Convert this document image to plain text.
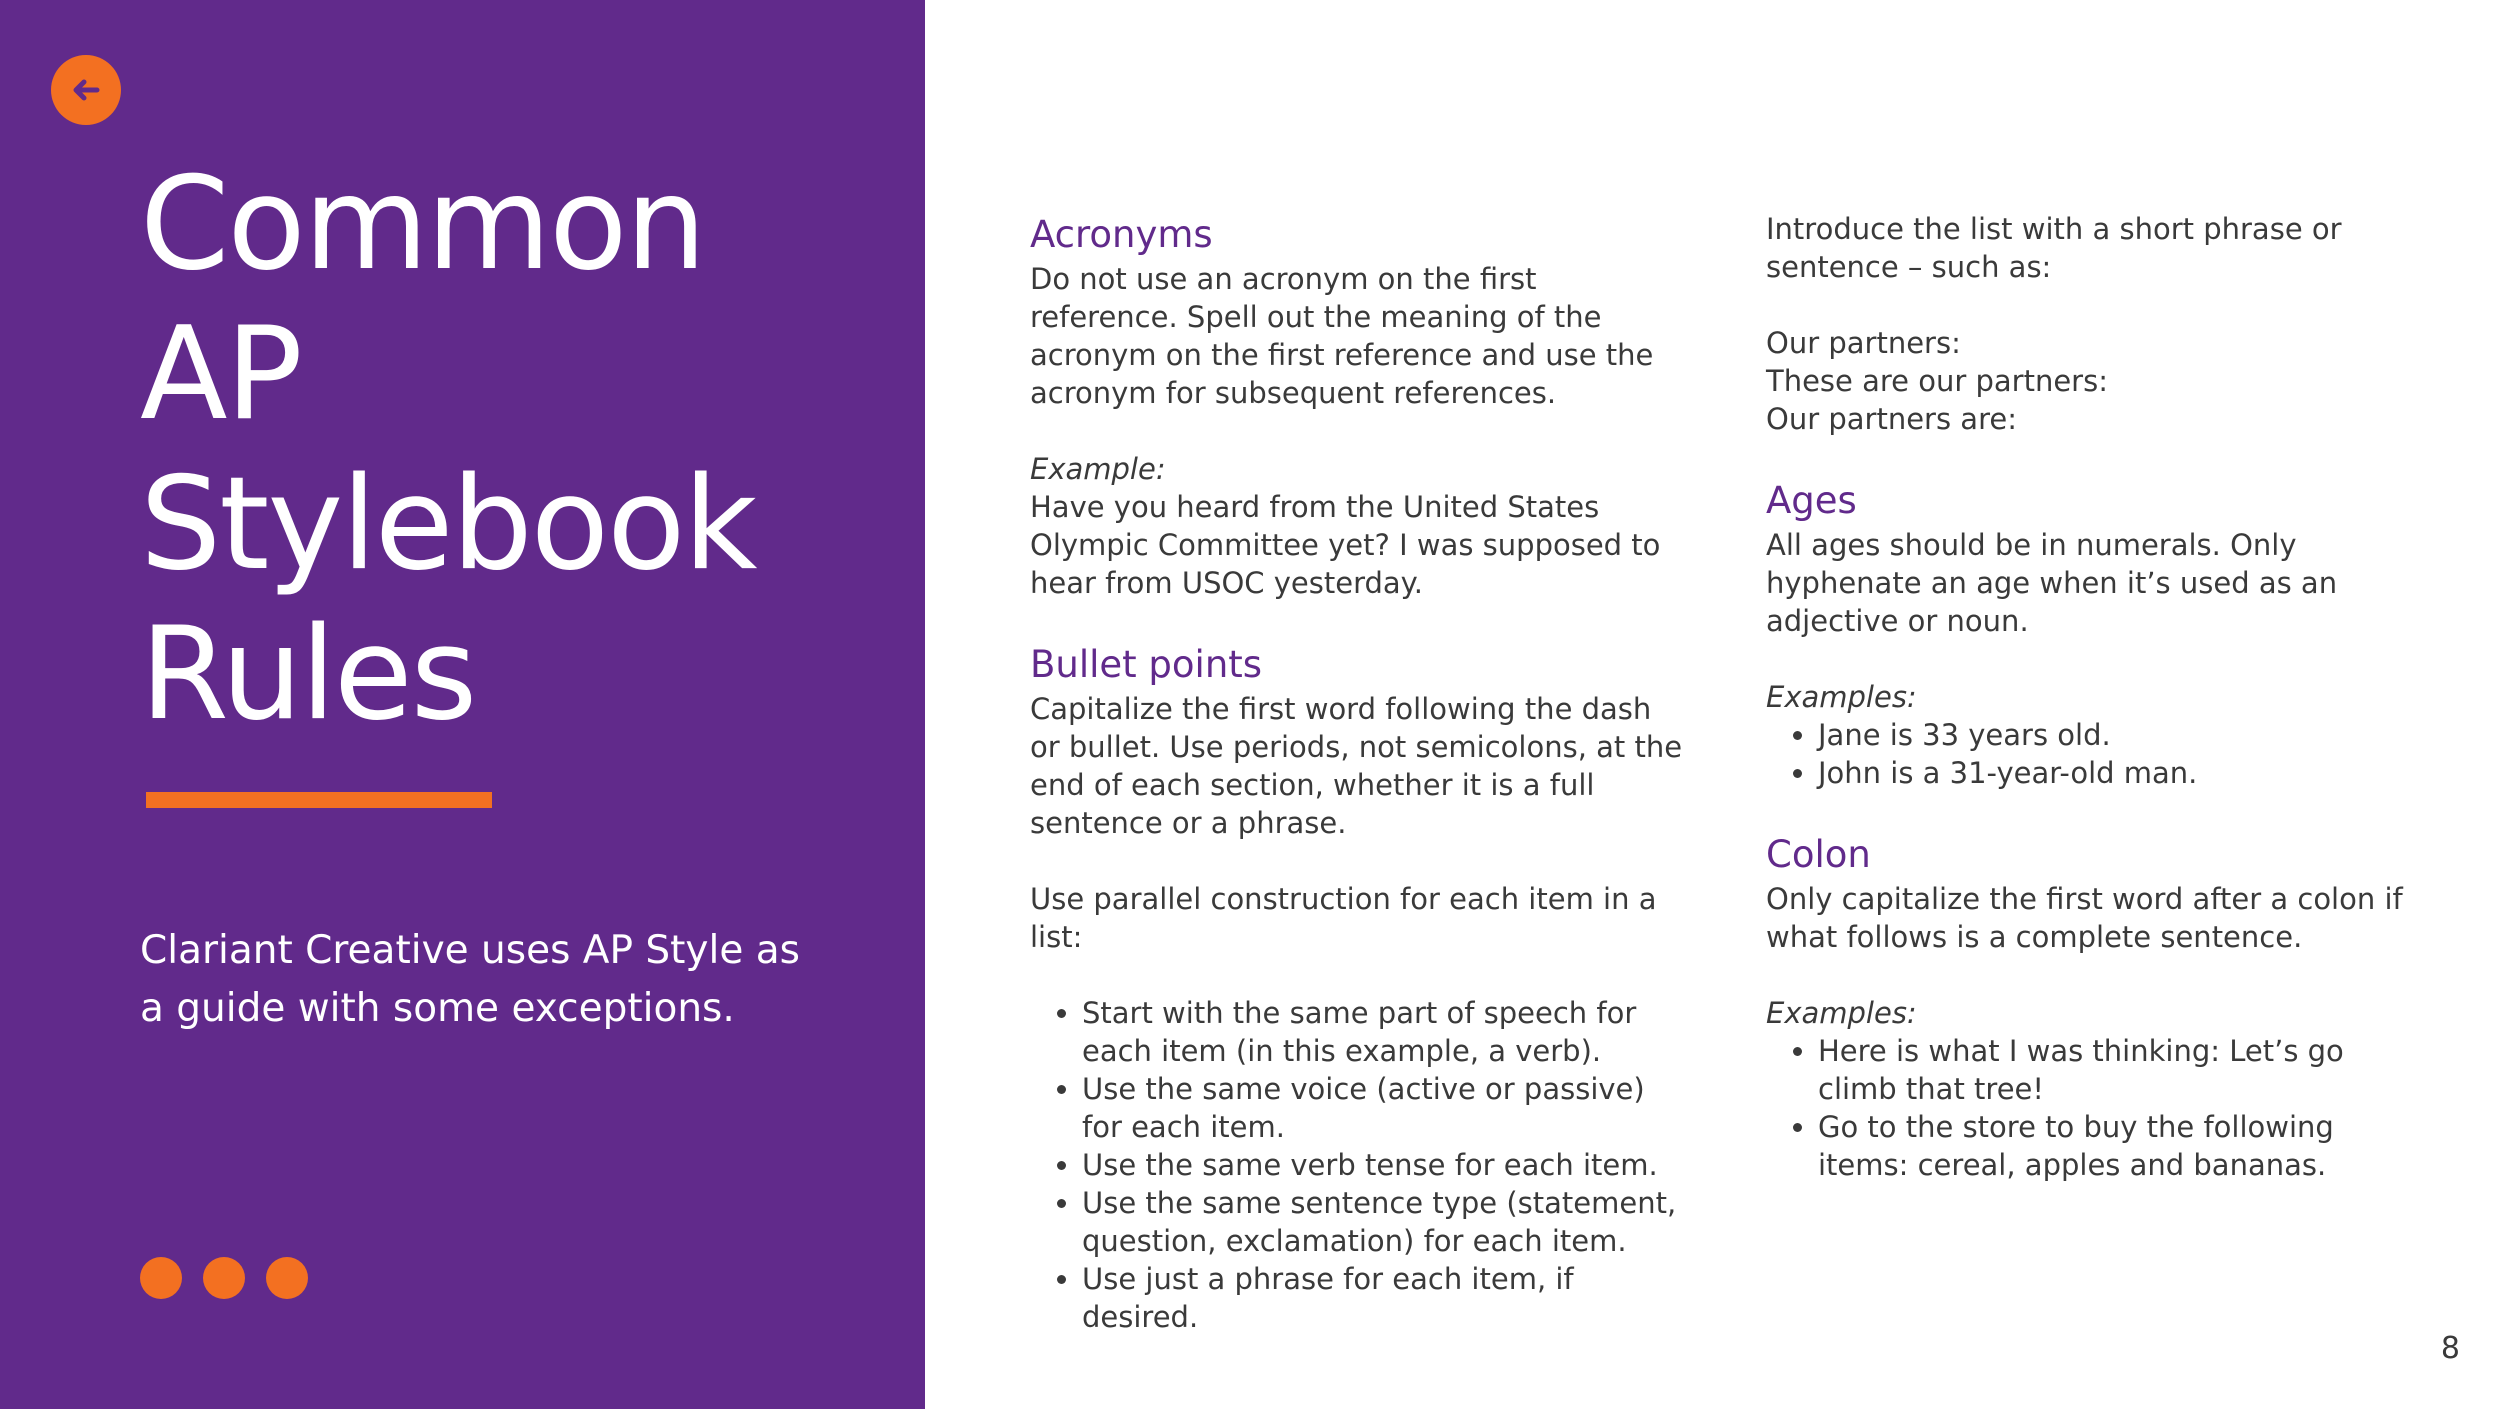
Common
AP
Stylebook
Rules

Clariant Creative uses AP Style as a guide with some exceptions.

Acronyms

Do not use an acronym on the first reference. Spell out the meaning of the acronym on the first reference and use the acronym for subsequent references.

Example:

Have you heard from the United States Olympic Committee yet? I was supposed to hear from USOC yesterday.

Bullet points

Capitalize the first word following the dash or bullet. Use periods, not semicolons, at the end of each section, whether it is a full sentence or a phrase.

Use parallel construction for each item in a list:

• Start with the same part of speech for each item (in this example, a verb).
• Use the same voice (active or passive) for each item.
• Use the same verb tense for each item.
• Use the same sentence type (statement, question, exclamation) for each item.
• Use just a phrase for each item, if desired.

Introduce the list with a short phrase or sentence – such as:

Our partners:

These are our partners:

Our partners are:

Ages

All ages should be in numerals. Only hyphenate an age when it’s used as an adjective or noun.

Examples:

• Jane is 33 years old.
• John is a 31-year-old man.
Colon

Only capitalize the first word after a colon if what follows is a complete sentence.

Examples:

• Here is what I was thinking: Let’s go climb that tree!
• Go to the store to buy the following items: cereal, apples and bananas.
8
